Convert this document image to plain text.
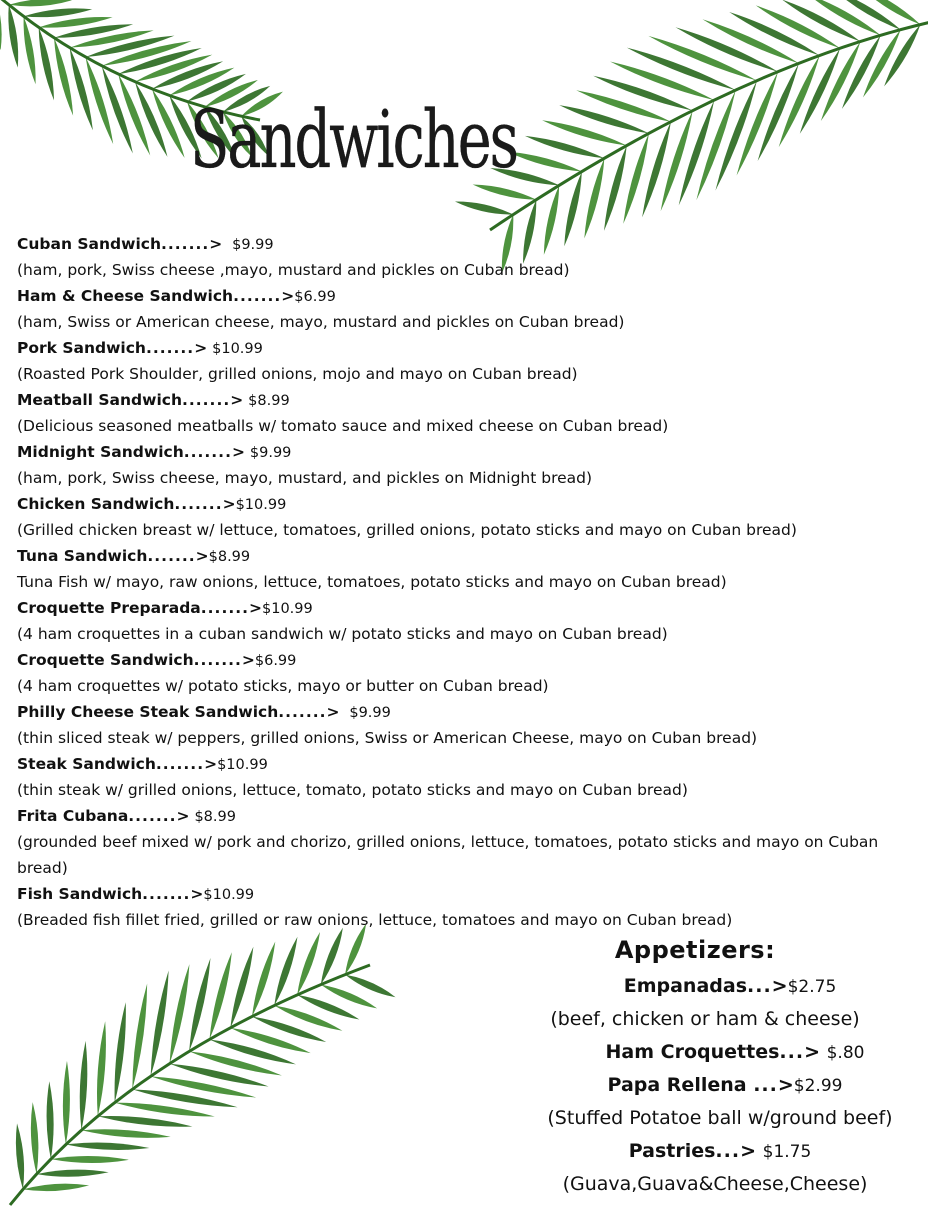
Sandwiches
Cuban Sandwich.......> $9.99
(ham, pork, Swiss cheese ,mayo, mustard and pickles on Cuban bread)
Ham & Cheese Sandwich.......>$6.99
(ham, Swiss or American cheese, mayo, mustard and pickles on Cuban bread)
Pork Sandwich.......> $10.99
(Roasted Pork Shoulder, grilled onions, mojo and mayo on Cuban bread)
Meatball Sandwich.......> $8.99
(Delicious seasoned meatballs w/ tomato sauce and mixed cheese on Cuban bread)
Midnight Sandwich.......> $9.99
(ham, pork, Swiss cheese, mayo, mustard, and pickles on Midnight bread)
Chicken Sandwich.......>$10.99
(Grilled chicken breast w/ lettuce, tomatoes, grilled onions, potato sticks and mayo on Cuban bread)
Tuna Sandwich.......>$8.99
Tuna Fish w/ mayo, raw onions, lettuce, tomatoes, potato sticks and mayo on Cuban bread)
Croquette Preparada.......>$10.99
(4 ham croquettes in a cuban sandwich w/ potato sticks and mayo on Cuban bread)
Croquette Sandwich.......>$6.99
(4 ham croquettes w/ potato sticks, mayo or butter on Cuban bread)
Philly Cheese Steak Sandwich.......> $9.99
(thin sliced steak w/ peppers, grilled onions, Swiss or American Cheese, mayo on Cuban bread)
Steak Sandwich.......>$10.99
(thin steak w/ grilled onions, lettuce, tomato, potato sticks and mayo on Cuban bread)
Frita Cubana.......> $8.99
(grounded beef mixed w/ pork and chorizo, grilled onions, lettuce, tomatoes, potato sticks and mayo on Cuban bread)
Fish Sandwich.......>$10.99
(Breaded fish fillet fried, grilled or raw onions, lettuce, tomatoes and mayo on Cuban bread)
Appetizers:
Empanadas...>$2.75
(beef, chicken or ham & cheese)
Ham Croquettes...> $.80
Papa Rellena ...>$2.99
(Stuffed Potatoe ball w/ground beef)
Pastries...> $1.75
(Guava,Guava&Cheese,Cheese)
